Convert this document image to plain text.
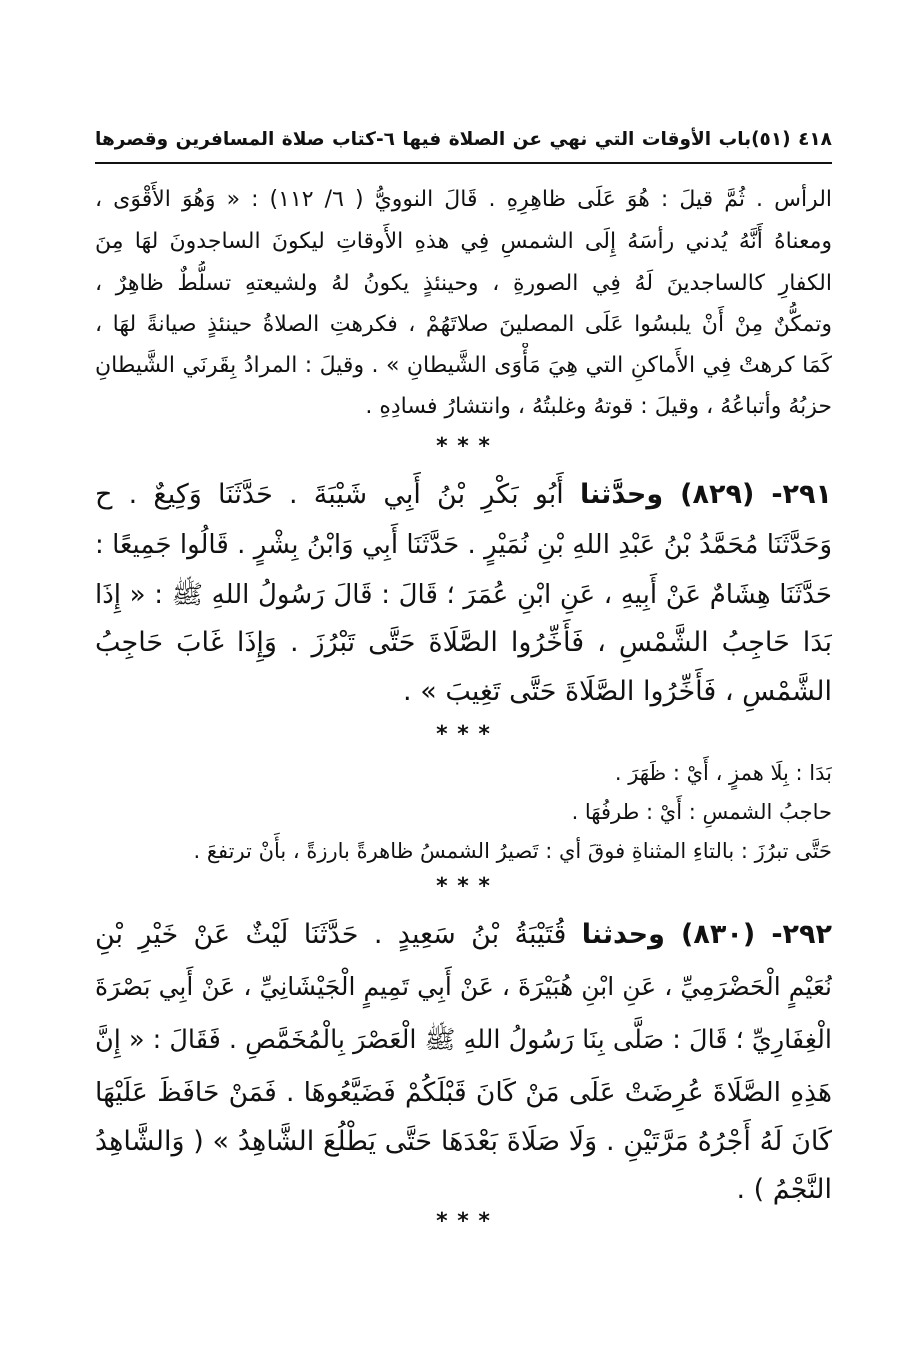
٤١٨ (٥١)باب الأوقات التي نهي عن الصلاة فيها ٦-كتاب صلاة المسافرين وقصرها
الرأس . ثُمَّ قيلَ : هُوَ عَلَى ظاهِرِهِ . قَالَ النوويُّ ( ٦/ ١١٢) : « وَهُوَ الأَقْوَى ،
ومعناهُ أَنَّهُ يُدني رأسَهُ إِلَى الشمسِ فِي هذهِ الأَوقاتِ ليكونَ الساجدونَ لهَا مِنَ
الكفارِ كالساجدينَ لَهُ فِي الصورةِ ، وحينئذٍ يكونُ لهُ ولشيعتهِ تسلُّطٌ ظاهِرٌ ،
وتمكُّنٌ مِنْ أَنْ يلبسُوا عَلَى المصلينَ صلاتَهُمْ ، فكرهتِ الصلاةُ حينئذٍ صيانةً لهَا ،
كَمَا كرهتْ فِي الأَماكنِ التي هِيَ مَأْوَى الشَّيطانِ » . وقيلَ : المرادُ بِقَرنَي الشَّيطانِ
حزبُهُ وأتباعُهُ ، وقيلَ : قوتهُ وغلبتُهُ ، وانتشارُ فسادِهِ .
* * *
٢٩١- (٨٢٩) وحدَّثنا أَبُو بَكْرِ بْنُ أَبِي شَيْبَةَ . حَدَّثَنَا وَكِيعٌ . ح
وَحَدَّثَنَا مُحَمَّدُ بْنُ عَبْدِ اللهِ بْنِ نُمَيْرٍ . حَدَّثَنَا أَبِي وَابْنُ بِشْرٍ . قَالُوا جَمِيعًا :
حَدَّثَنَا هِشَامٌ عَنْ أَبِيهِ ، عَنِ ابْنِ عُمَرَ ؛ قَالَ : قَالَ رَسُولُ اللهِ ﷺ : « إِذَا
بَدَا حَاجِبُ الشَّمْسِ ، فَأَخِّرُوا الصَّلَاةَ حَتَّى تَبْرُزَ . وَإِذَا غَابَ حَاجِبُ
الشَّمْسِ ، فَأَخِّرُوا الصَّلَاةَ حَتَّى تَغِيبَ » .
* * *
بَدَا : بِلَا همزٍ ، أَيْ : ظَهَرَ .
حاجبُ الشمسِ : أَيْ : طرفُهَا .
حَتَّى تبرُزَ : بالتاءِ المثناةِ فوقَ أي : تَصيرُ الشمسُ ظاهرةً بارزةً ، بأَنْ ترتفعَ .
* * *
٢٩٢- (٨٣٠) وحدثنا قُتَيْبَةُ بْنُ سَعِيدٍ . حَدَّثَنَا لَيْثٌ عَنْ خَيْرِ بْنِ
نُعَيْمٍ الْحَضْرَمِيِّ ، عَنِ ابْنِ هُبَيْرَةَ ، عَنْ أَبِي تَمِيمٍ الْجَيْشَانِيِّ ، عَنْ أَبِي بَصْرَةَ
الْغِفَارِيِّ ؛ قَالَ : صَلَّى بِنَا رَسُولُ اللهِ ﷺ الْعَصْرَ بِالْمُخَمَّصِ . فَقَالَ : « إِنَّ
هَذِهِ الصَّلَاةَ عُرِضَتْ عَلَى مَنْ كَانَ قَبْلَكُمْ فَضَيَّعُوهَا . فَمَنْ حَافَظَ عَلَيْهَا
كَانَ لَهُ أَجْرُهُ مَرَّتَيْنِ . وَلَا صَلَاةَ بَعْدَهَا حَتَّى يَطْلُعَ الشَّاهِدُ » ( وَالشَّاهِدُ
النَّجْمُ ) .
* * *
